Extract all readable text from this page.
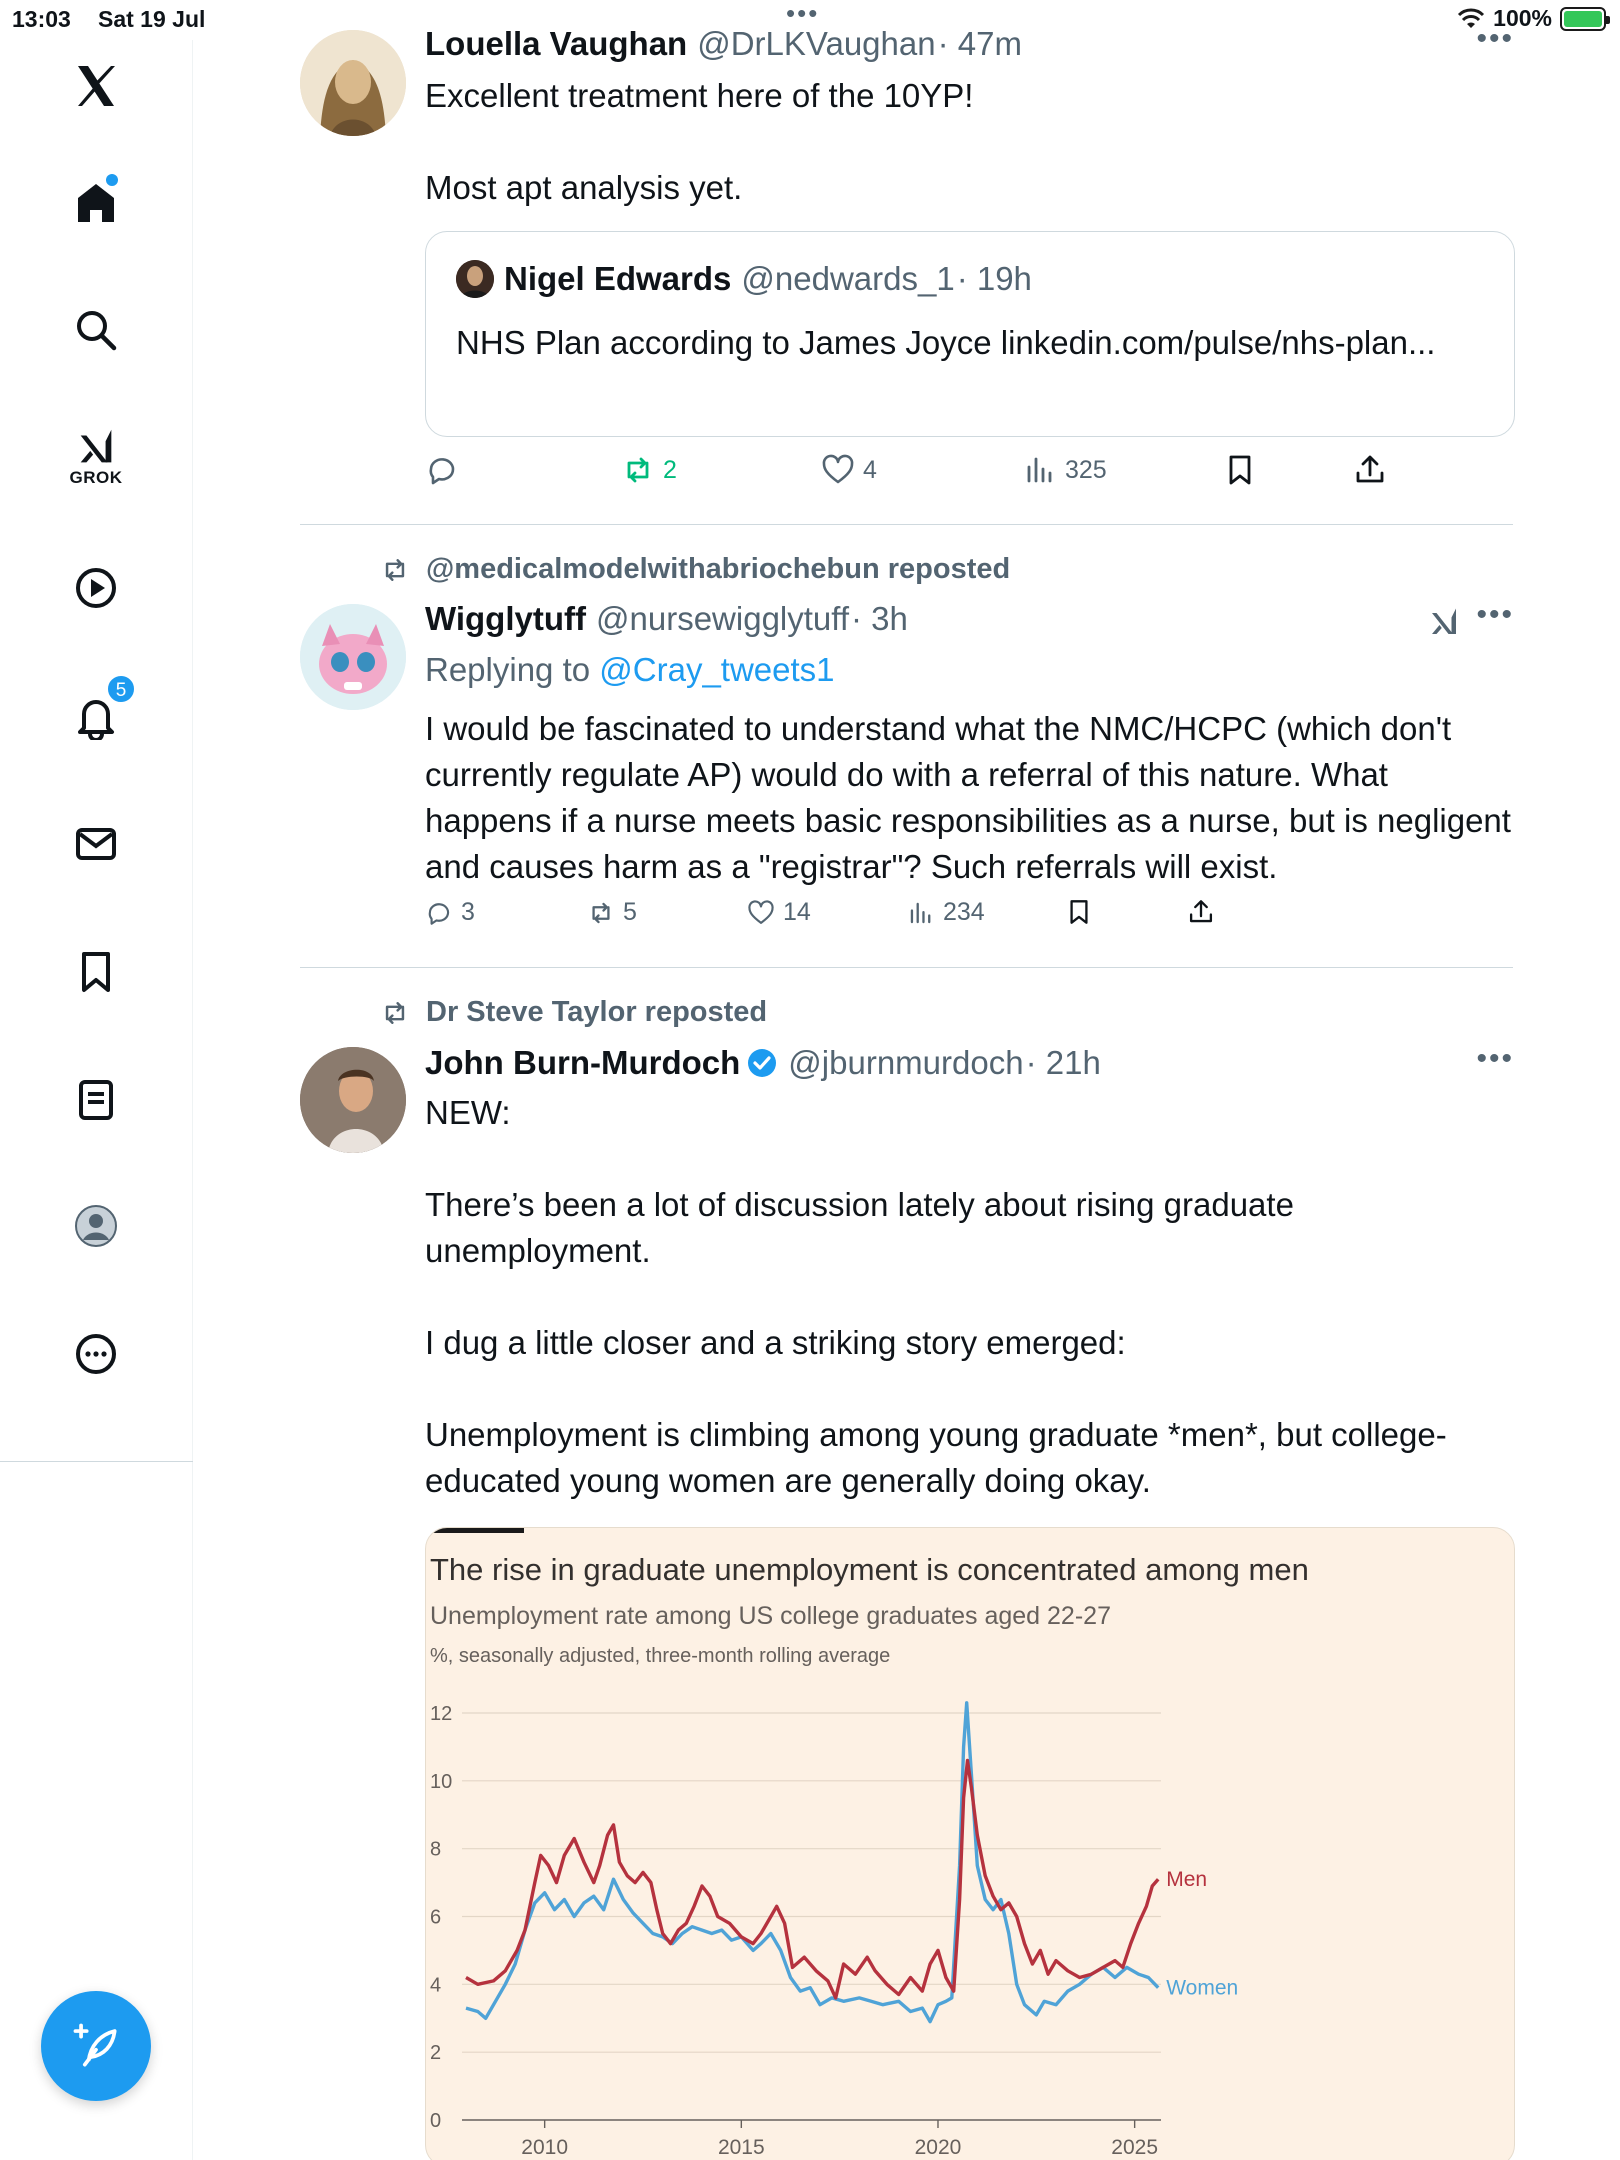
13:03 Sat 19 Jul	•••	100%
GROK
5
Louella Vaughan @DrLKVaughan · 47m	•••
Excellent treatment here of the 10YP!

Most apt analysis yet.
Nigel Edwards @nedwards_1 · 19h
NHS Plan according to James Joyce linkedin.com/pulse/nhs-plan...
2	4	325
@medicalmodelwithabriochebun reposted
Wigglytuff @nursewigglytuff · 3h	•••
Replying to @Cray_tweets1
I would be fascinated to understand what the NMC/HCPC (which don't currently regulate AP) would do with a referral of this nature. What happens if a nurse meets basic responsibilities as a nurse, but is negligent and causes harm as a "registrar"? Such referrals will exist.
3	5	14	234
Dr Steve Taylor reposted
John Burn-Murdoch @jburnmurdoch · 21h	•••
NEW:

There’s been a lot of discussion lately about rising graduate unemployment.

I dug a little closer and a striking story emerged:

Unemployment is climbing among young graduate *men*, but college-educated young women are generally doing okay.
The rise in graduate unemployment is concentrated among men
Unemployment rate among US college graduates aged 22-27
%, seasonally adjusted, three-month rolling average
0
2
4
6
8
10
12
2010	2015	2020	2025
Women
Men
